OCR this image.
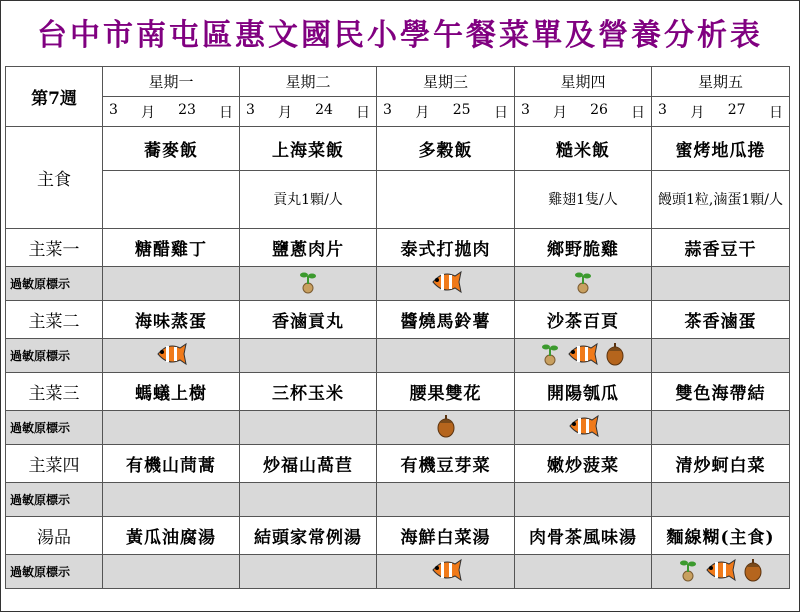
台中市南屯區惠文國民小學午餐菜單及營養分析表
第7週	星期一	星期二	星期三	星期四	星期五

	3 月 23 日	3 月 24 日	3 月 25 日	3 月 26 日	3 月 27 日

主食	蕎麥飯	上海菜飯	多穀飯	糙米飯	蜜烤地瓜捲
		貢丸1顆/人		雞翅1隻/人	饅頭1粒,滷蛋1顆/人
主菜一	糖醋雞丁	鹽蔥肉片	泰式打拋肉	鄉野脆雞	蒜香豆干
過敏原標示	

主菜二	海味蒸蛋	香滷貢丸	醬燒馬鈴薯	沙茶百頁	茶香滷蛋
過敏原標示	

主菜三	螞蟻上樹	三杯玉米	腰果雙花	開陽瓠瓜	雙色海帶結
過敏原標示	

主菜四	有機山茼蒿	炒福山萵苣	有機豆芽菜	嫩炒菠菜	清炒蚵白菜
過敏原標示	

湯品	黃瓜油腐湯	結頭家常例湯	海鮮白菜湯	肉骨茶風味湯	麵線糊(主食)
過敏原標示	
